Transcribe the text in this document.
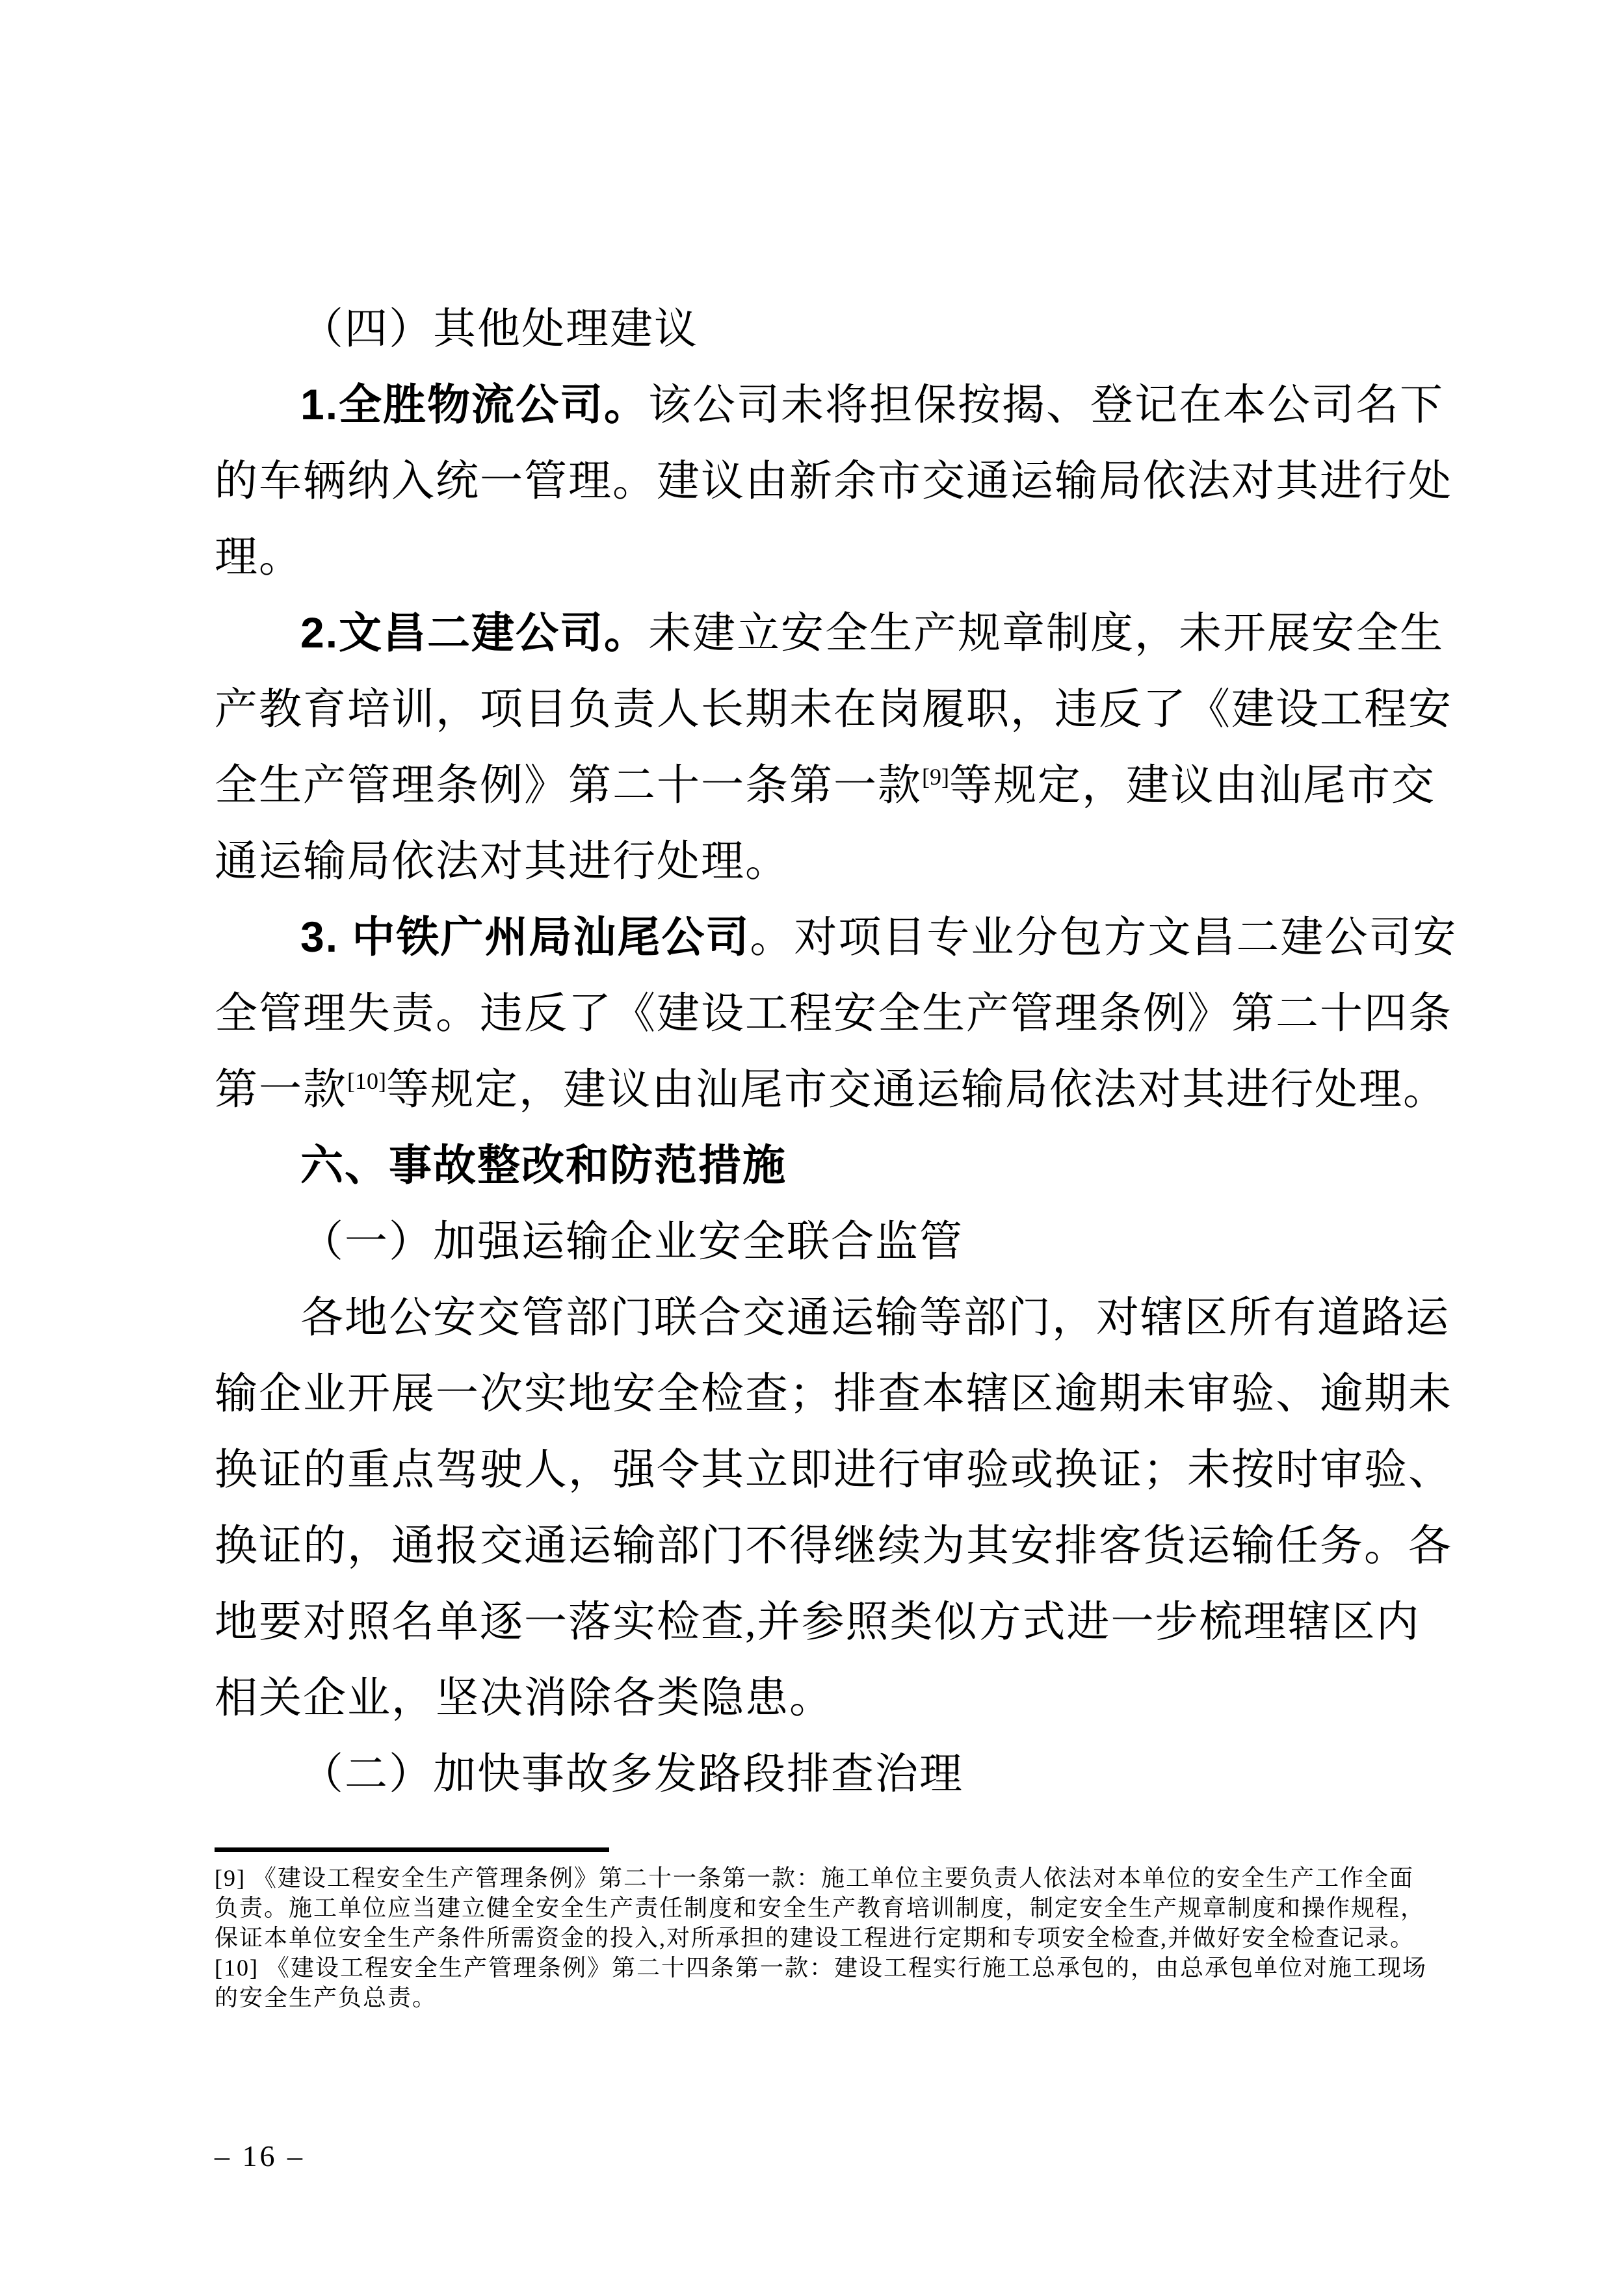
（四）其他处理建议
1.全胜物流公司。该公司未将担保按揭、登记在本公司名下
的车辆纳入统一管理。建议由新余市交通运输局依法对其进行处
理。
2.文昌二建公司。未建立安全生产规章制度，未开展安全生
产教育培训，项目负责人长期未在岗履职，违反了《建设工程安
全生产管理条例》第二十一条第一款[9]等规定，建议由汕尾市交
通运输局依法对其进行处理。
3. 中铁广州局汕尾公司。对项目专业分包方文昌二建公司安
全管理失责。违反了《建设工程安全生产管理条例》第二十四条
第一款[10]等规定，建议由汕尾市交通运输局依法对其进行处理。
六、事故整改和防范措施
（一）加强运输企业安全联合监管
各地公安交管部门联合交通运输等部门，对辖区所有道路运
输企业开展一次实地安全检查；排查本辖区逾期未审验、逾期未
换证的重点驾驶人，强令其立即进行审验或换证；未按时审验、
换证的，通报交通运输部门不得继续为其安排客货运输任务。各
地要对照名单逐一落实检查,并参照类似方式进一步梳理辖区内
相关企业，坚决消除各类隐患。
（二）加快事故多发路段排查治理
[9] 《建设工程安全生产管理条例》第二十一条第一款：施工单位主要负责人依法对本单位的安全生产工作全面
负责。施工单位应当建立健全安全生产责任制度和安全生产教育培训制度，制定安全生产规章制度和操作规程，
保证本单位安全生产条件所需资金的投入,对所承担的建设工程进行定期和专项安全检查,并做好安全检查记录。
[10] 《建设工程安全生产管理条例》第二十四条第一款：建设工程实行施工总承包的，由总承包单位对施工现场
的安全生产负总责。
– 16 –
